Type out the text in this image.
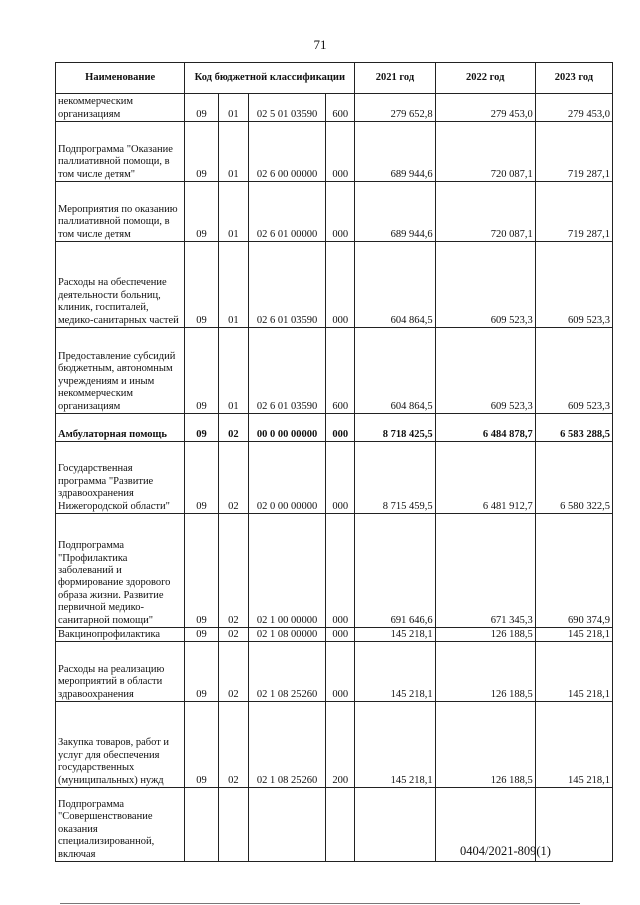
71
Наименование	Код бюджетной классификации				2021 год	2022 год	2023 год
некоммерческим организациям	09	01	02 5 01 03590	600	279 652,8	279 453,0	279 453,0
Подпрограмма "Оказание паллиативной помощи, в том числе детям"	09	01	02 6 00 00000	000	689 944,6	720 087,1	719 287,1
Мероприятия по оказанию паллиативной помощи, в том числе детям	09	01	02 6 01 00000	000	689 944,6	720 087,1	719 287,1
Расходы на обеспечение деятельности больниц, клиник, госпиталей, медико-санитарных частей	09	01	02 6 01 03590	000	604 864,5	609 523,3	609 523,3
Предоставление субсидий бюджетным, автономным учреждениям и иным некоммерческим организациям	09	01	02 6 01 03590	600	604 864,5	609 523,3	609 523,3
Амбулаторная помощь	09	02	00 0 00 00000	000	8 718 425,5	6 484 878,7	6 583 288,5
Государственная программа "Развитие здравоохранения Нижегородской области"	09	02	02 0 00 00000	000	8 715 459,5	6 481 912,7	6 580 322,5
Подпрограмма "Профилактика заболеваний и формирование здорового образа жизни. Развитие первичной медико-санитарной помощи"	09	02	02 1 00 00000	000	691 646,6	671 345,3	690 374,9
Вакцинопрофилактика	09	02	02 1 08 00000	000	145 218,1	126 188,5	145 218,1
Расходы на реализацию мероприятий в области здравоохранения	09	02	02 1 08 25260	000	145 218,1	126 188,5	145 218,1
Закупка товаров, работ и услуг для обеспечения государственных (муниципальных) нужд	09	02	02 1 08 25260	200	145 218,1	126 188,5	145 218,1
Подпрограмма "Совершенствование оказания специализированной, включая								0404/2021-809(1)
